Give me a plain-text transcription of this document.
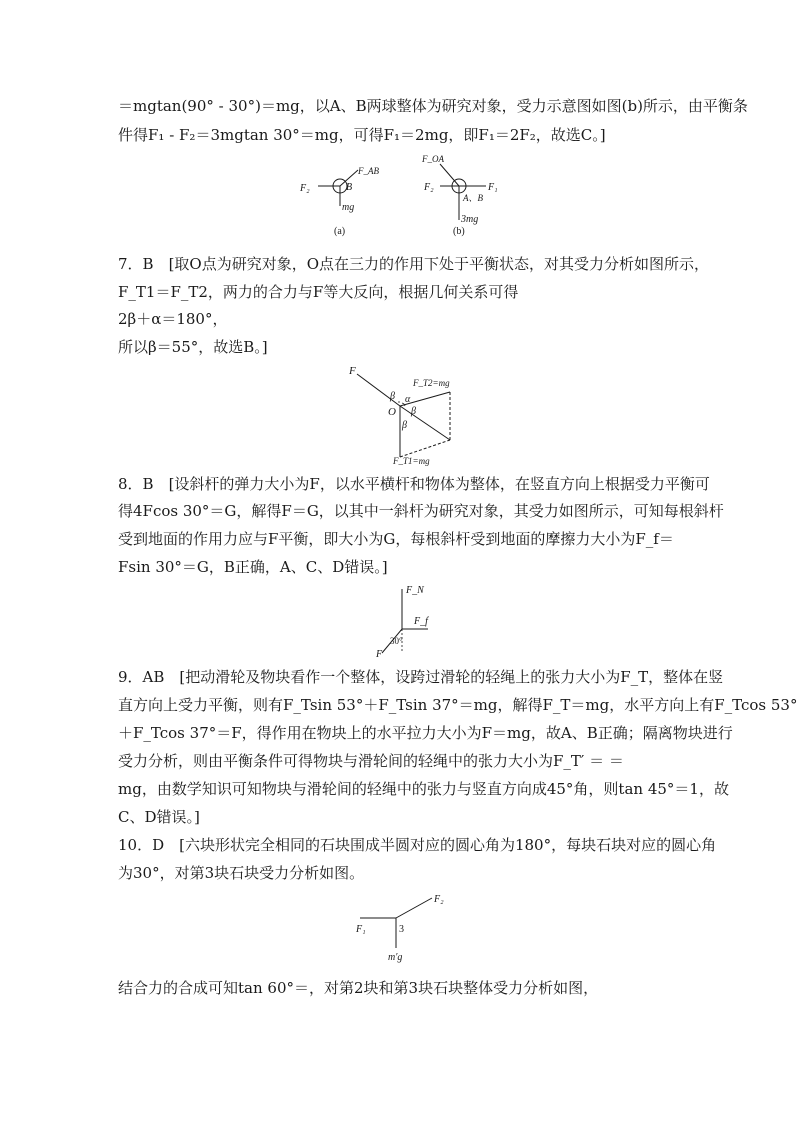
＝mgtan(90° - 30°)＝mg，以A、B两球整体为研究对象，受力示意图如图(b)所示，由平衡条
件得F₁ - F₂＝3mgtan 30°＝mg，可得F₁＝2mg，即F₁＝2F₂，故选C。]
F₂	B
F_AB
mg
(a)
F_OA
F₂	F₁
A、B
3mg
(b)
7．B　[取O点为研究对象，O点在三力的作用下处于平衡状态，对其受力分析如图所示，
F_T1＝F_T2，两力的合力与F等大反向，根据几何关系可得
2β＋α＝180°，
所以β＝55°，故选B。]
F
F_T2=mg
β α
O β
β
F_T1=mg
8．B　[设斜杆的弹力大小为F，以水平横杆和物体为整体，在竖直方向上根据受力平衡可
得4Fcos 30°＝G，解得F＝G，以其中一斜杆为研究对象，其受力如图所示，可知每根斜杆
受到地面的作用力应与F平衡，即大小为G，每根斜杆受到地面的摩擦力大小为F_f＝
Fsin 30°＝G，B正确，A、C、D错误。]
F_N
F_f
30°
F
9．AB　[把动滑轮及物块看作一个整体，设跨过滑轮的轻绳上的张力大小为F_T，整体在竖
直方向上受力平衡，则有F_Tsin 53°＋F_Tsin 37°＝mg，解得F_T＝mg，水平方向上有F_Tcos 53°
＋F_Tcos 37°＝F，得作用在物块上的水平拉力大小为F＝mg，故A、B正确；隔离物块进行
受力分析，则由平衡条件可得物块与滑轮间的轻绳中的张力大小为F_T′ ＝ ＝
mg，由数学知识可知物块与滑轮间的轻绳中的张力与竖直方向成45°角，则tan 45°＝1，故
C、D错误。]
10．D　[六块形状完全相同的石块围成半圆对应的圆心角为180°，每块石块对应的圆心角
为30°，对第3块石块受力分析如图。
F₁
F₂
3
m′g
结合力的合成可知tan 60°＝，对第2块和第3块石块整体受力分析如图，
